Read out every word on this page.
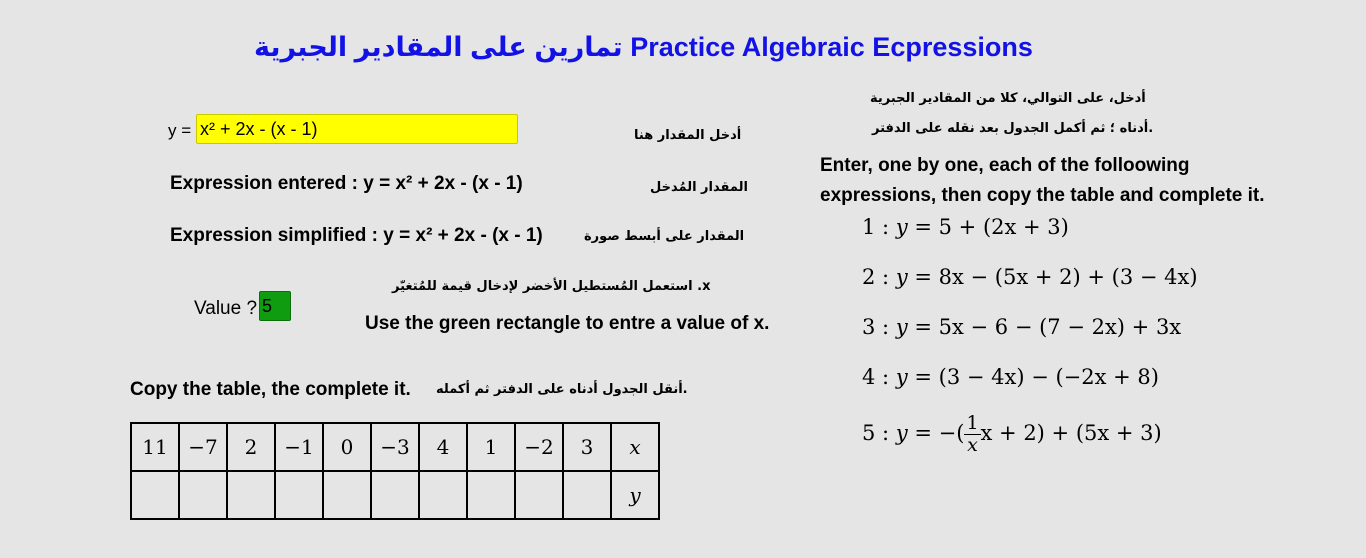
تمارين على المقادير الجبرية Practice Algebraic Ecpressions
y =
x² + 2x - (x - 1)	أدخل المقدار هنا
Expression entered : y = x² + 2x - (x - 1)	المقدار المُدخل
Expression simplified : y = x² + 2x - (x - 1)	المقدار على أبسط صورة
Value ?
5
x. استعمل المُستطيل الأخضر لإدخال قيمة للمُتغيّر
Use the green rectangle to entre a value of x.
Copy the table, the complete it. .أنقل الجدول أدناه على الدفتر ثم أكمله
أدخل، على التوالي، كلا من المقادير الجبرية
.أدناه ؛ ثم أكمل الجدول بعد نقله على الدفتر
Enter, one by one, each of the folloowing
expressions, then copy the table and complete it.
1 : y = 5 + (2x + 3)
2 : y = 8x − (5x + 2) + (3 − 4x)
3 : y = 5x − 6 − (7 − 2x) + 3x
4 : y = (3 − 4x) − (−2x + 8)
5 : y = −( $\frac{1}{x}$ x + 2) + (5x + 3)
11	−7	2	−1	0	−3	4	1	−2	3	x
										y
